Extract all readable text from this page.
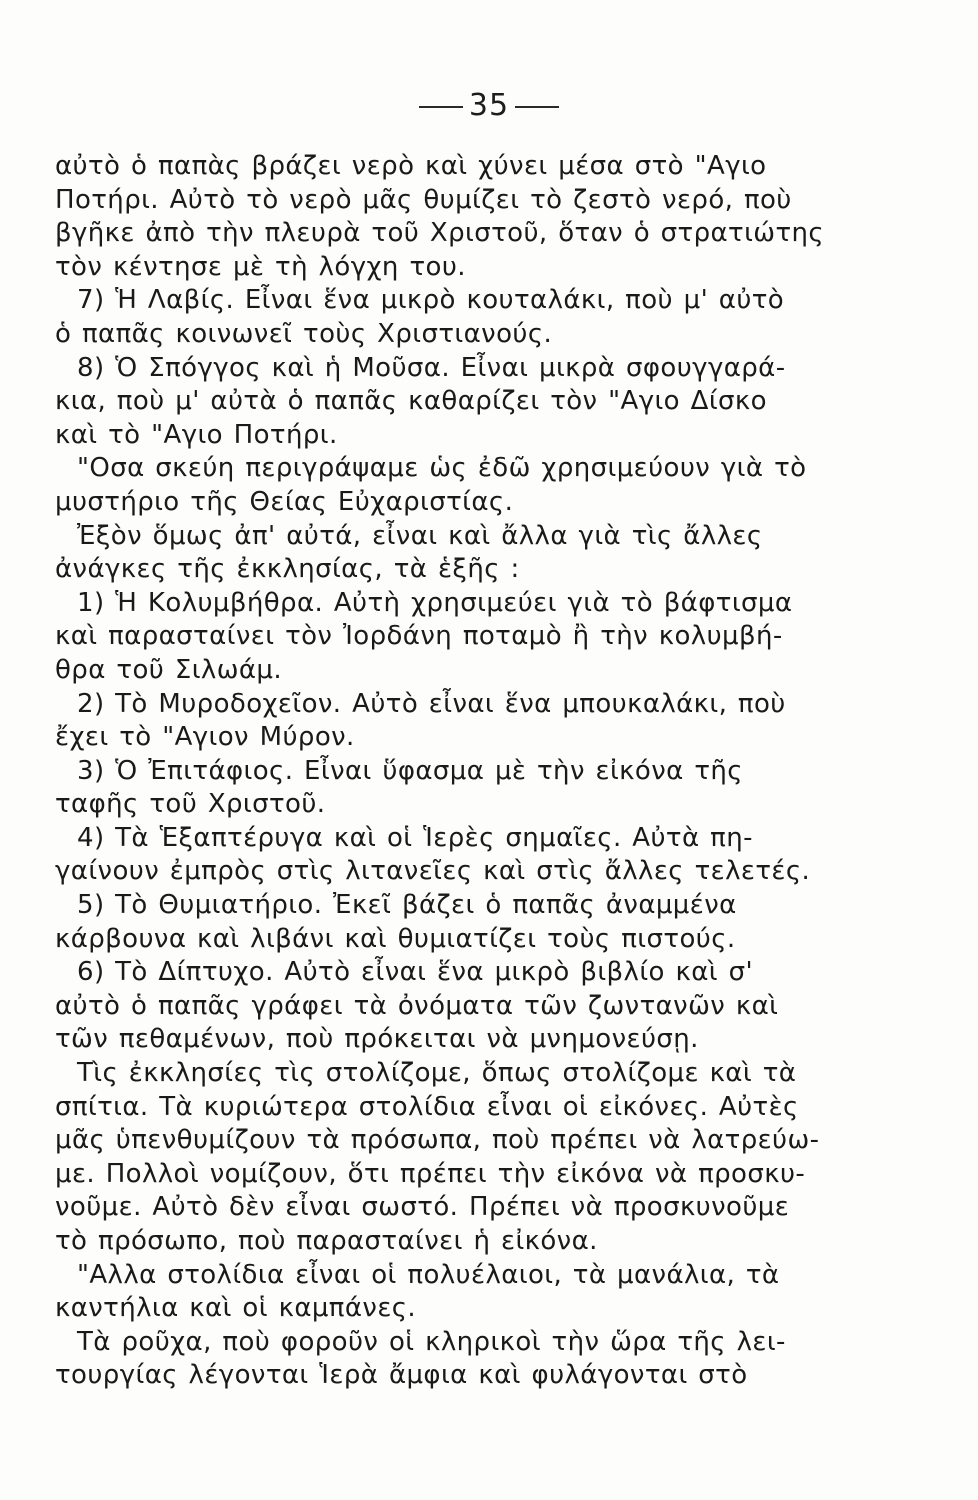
35
αὐτὸ ὁ παπὰς βράζει νερὸ καὶ χύνει μέσα στὸ "Αγιο
Ποτήρι. Αὐτὸ τὸ νερὸ μᾶς θυμίζει τὸ ζεστὸ νερό, ποὺ
βγῆκε ἀπὸ τὴν πλευρὰ τοῦ Χριστοῦ, ὅταν ὁ στρατιώτης
τὸν κέντησε μὲ τὴ λόγχη του.
7) Ἡ Λαβίς. Εἶναι ἕνα μικρὸ κουταλάκι, ποὺ μ' αὐτὸ
ὁ παπᾶς κοινωνεῖ τοὺς Χριστιανούς.
8) Ὁ Σπόγγος καὶ ἡ Μοῦσα. Εἶναι μικρὰ σφουγγαρά-
κια, ποὺ μ' αὐτὰ ὁ παπᾶς καθαρίζει τὸν "Αγιο Δίσκο
καὶ τὸ "Αγιο Ποτήρι.
"Οσα σκεύη περιγράψαμε ὡς ἐδῶ χρησιμεύουν γιὰ τὸ
μυστήριο τῆς Θείας Εὐχαριστίας.
Ἐξὸν ὅμως ἀπ' αὐτά, εἶναι καὶ ἄλλα γιὰ τὶς ἄλλες
ἀνάγκες τῆς ἐκκλησίας, τὰ ἑξῆς :
1) Ἡ Κολυμβήθρα. Αὐτὴ χρησιμεύει γιὰ τὸ βάφτισμα
καὶ παρασταίνει τὸν Ἰορδάνη ποταμὸ ἢ τὴν κολυμβή-
θρα τοῦ Σιλωάμ.
2) Τὸ Μυροδοχεῖον. Αὐτὸ εἶναι ἕνα μπουκαλάκι, ποὺ
ἔχει τὸ "Αγιον Μύρον.
3) Ὁ Ἐπιτάφιος. Εἶναι ὕφασμα μὲ τὴν εἰκόνα τῆς
ταφῆς τοῦ Χριστοῦ.
4) Τὰ Ἑξαπτέρυγα καὶ οἱ Ἱερὲς σημαῖες. Αὐτὰ πη-
γαίνουν ἐμπρὸς στὶς λιτανεῖες καὶ στὶς ἄλλες τελετές.
5) Τὸ Θυμιατήριο. Ἐκεῖ βάζει ὁ παπᾶς ἀναμμένα
κάρβουνα καὶ λιβάνι καὶ θυμιατίζει τοὺς πιστούς.
6) Τὸ Δίπτυχο. Αὐτὸ εἶναι ἕνα μικρὸ βιβλίο καὶ σ'
αὐτὸ ὁ παπᾶς γράφει τὰ ὀνόματα τῶν ζωντανῶν καὶ
τῶν πεθαμένων, ποὺ πρόκειται νὰ μνημονεύσῃ.
Τὶς ἐκκλησίες τὶς στολίζομε, ὅπως στολίζομε καὶ τὰ
σπίτια. Τὰ κυριώτερα στολίδια εἶναι οἱ εἰκόνες. Αὐτὲς
μᾶς ὑπενθυμίζουν τὰ πρόσωπα, ποὺ πρέπει νὰ λατρεύω-
με. Πολλοὶ νομίζουν, ὅτι πρέπει τὴν εἰκόνα νὰ προσκυ-
νοῦμε. Αὐτὸ δὲν εἶναι σωστό. Πρέπει νὰ προσκυνοῦμε
τὸ πρόσωπο, ποὺ παρασταίνει ἡ εἰκόνα.
"Αλλα στολίδια εἶναι οἱ πολυέλαιοι, τὰ μανάλια, τὰ
καντήλια καὶ οἱ καμπάνες.
Τὰ ροῦχα, ποὺ φοροῦν οἱ κληρικοὶ τὴν ὥρα τῆς λει-
τουργίας λέγονται Ἱερὰ ἄμφια καὶ φυλάγονται στὸ
